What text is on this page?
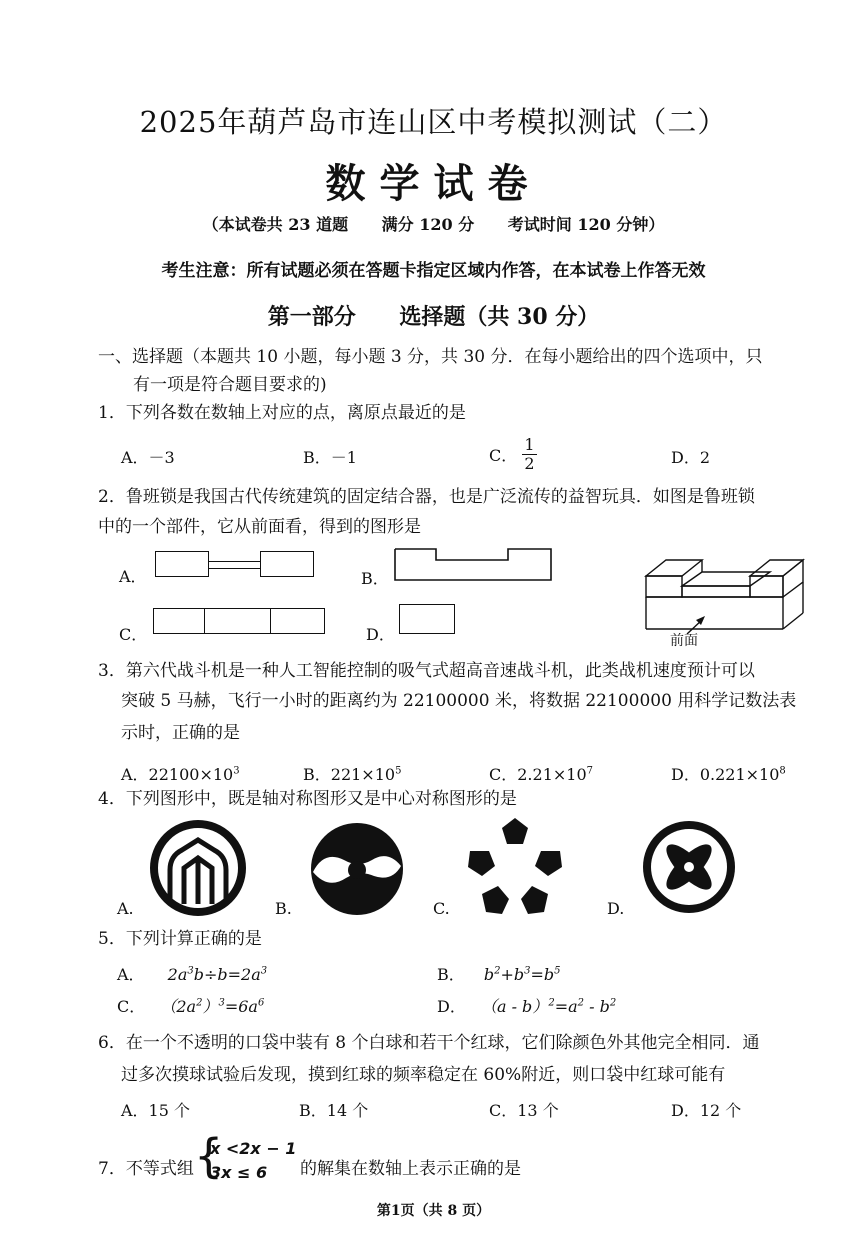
2025年葫芦岛市连山区中考模拟测试（二）
数学试卷
（本试卷共 23 道题 满分 120 分 考试时间 120 分钟）
考生注意：所有试题必须在答题卡指定区域内作答，在本试卷上作答无效
第一部分 选择题（共 30 分）
一、选择题（本题共 10 小题，每小题 3 分，共 30 分．在每小题给出的四个选项中，只
有一项是符合题目要求的)
1．下列各数在数轴上对应的点，离原点最近的是
A．－3	B．－1	C． $\frac{1}{2}$	D．2
2．鲁班锁是我国古代传统建筑的固定结合器，也是广泛流传的益智玩具．如图是鲁班锁
中的一个部件，它从前面看，得到的图形是
A．	B．
C．	D．	前面
3．第六代战斗机是一种人工智能控制的吸气式超高音速战斗机，此类战机速度预计可以
突破 5 马赫，飞行一小时的距离约为 22100000 米，将数据 22100000 用科学记数法表
示时，正确的是
A．$22100\times 10^3$	B．$221\times 10^5$	C．$2.21\times 10^7$	D．$0.221\times 10^8$
4．下列图形中，既是轴对称图形又是中心对称图形的是
A.	B.	C.	D.
5．下列计算正确的是
A． $2a^3b\div b=2a^3$	B． $b^2+b^3=b^5$
C． $(2a^2)^3=6a^6$	D． $(a - b)^2=a^2 - b^2$
6．在一个不透明的口袋中装有 8 个白球和若干个红球，它们除颜色外其他完全相同．通
过多次摸球试验后发现，摸到红球的频率稳定在 60%附近，则口袋中红球可能有
A．15 个	B．14 个	C．13 个	D．12 个
7．不等式组 {
x <2x − 1
3x ≤ 6 的解集在数轴上表示正确的是
第1页（共 8 页）
